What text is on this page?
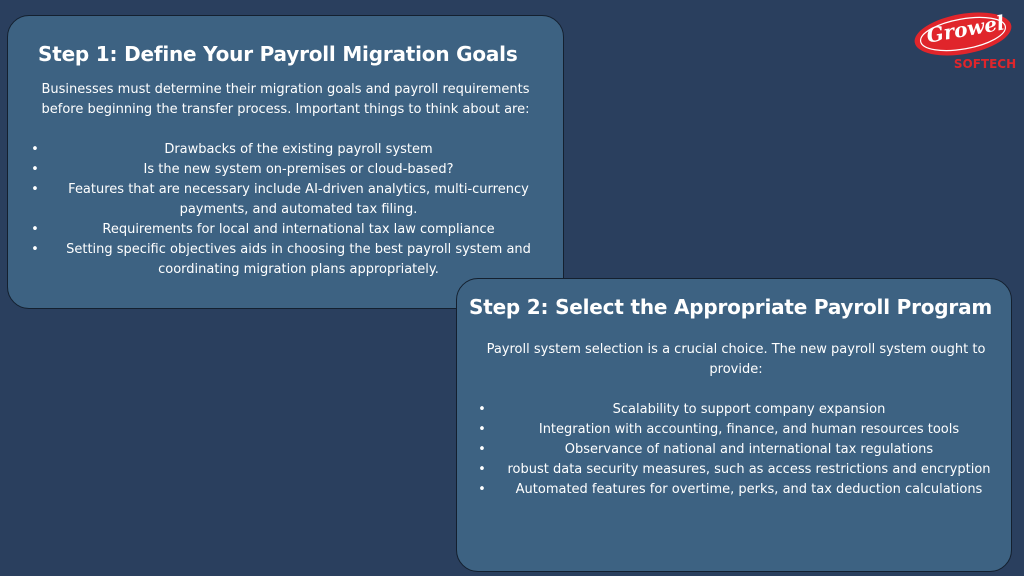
Growel
SOFTECH
Step 1: Define Your Payroll Migration Goals
Businesses must determine their migration goals and payroll requirements before beginning the transfer process. Important things to think about are:
•	Drawbacks of the existing payroll system
•	Is the new system on-premises or cloud-based?
• Features that are necessary include AI-driven analytics, multi-currency payments, and automated tax filing.
•	Requirements for local and international tax law compliance
• Setting specific objectives aids in choosing the best payroll system and coordinating migration plans appropriately.
Step 2: Select the Appropriate Payroll Program
Payroll system selection is a crucial choice. The new payroll system ought to provide:
•	Scalability to support company expansion
•	Integration with accounting, finance, and human resources tools
•	Observance of national and international tax regulations
• robust data security measures, such as access restrictions and encryption
• Automated features for overtime, perks, and tax deduction calculations
